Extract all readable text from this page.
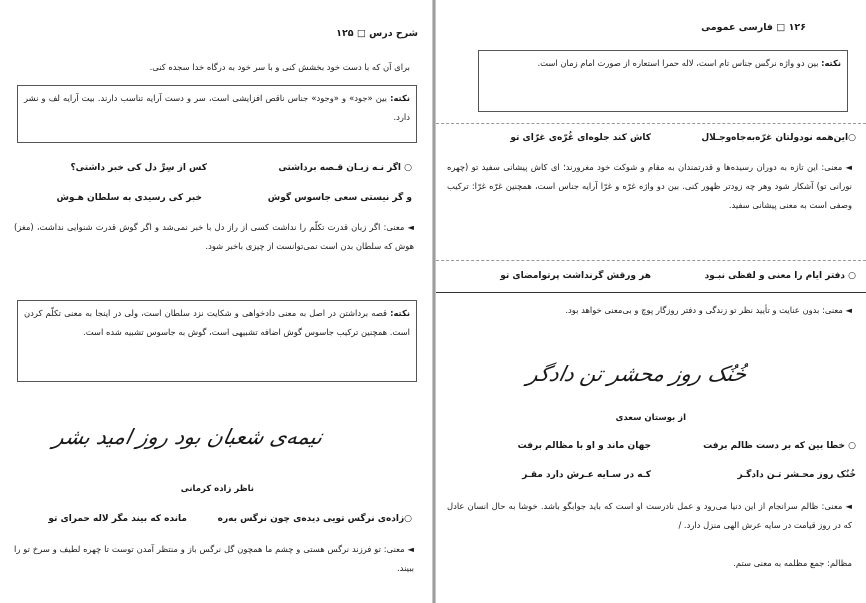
شرح درس □ ۱۲۵
برای آن که با دست خود بخشش کنی و با سر خود به درگاه خدا سجده کنی.
نکته: بین «جود» و «وجود» جناس ناقص افزایشی است، سر و دست آرایه تناسب دارند. بیت آرایه لف و نشر دارد.
○ اگر نـه زبـان قـصه برداشتی
کس از سِرِّ دل کی خبر داشتی؟
و گر نیستی سعی جاسوس گوش
خبر کی رسیدی به سلطان هـوش
◄ معنی: اگر زبان قدرت تکلّم را نداشت کسی از راز دل با خبر نمی‌شد و اگر گوش قدرت شنوایی نداشت، (مغز) هوش که سلطان بدن است نمی‌توانست از چیزی باخبر شود.
نکته: قصه برداشتن در اصل به معنی دادخواهی و شکایت نزد سلطان است، ولی در اینجا به معنی تکلّم کردن است. همچنین ترکیب جاسوس گوش اضافه تشبیهی است، گوش به جاسوس تشبیه شده است.
نیمه‌ی شعبان بود روز امید بشر
ناظر زاده کرمانی
○زاده‌ی نرگس تویی دیده‌ی چون نرگس به‌ره
مانده که بیند مگر لاله حمرای تو
◄ معنی: تو فرزند نرگس هستی و چشم ما همچون گل نرگس باز و منتظر آمدن توست تا چهره لطیف و سرخ تو را ببیند.
۱۲۶ □ فارسی عمومی
نکته: بین دو واژه نرگس جناس تام است، لاله حمرا استعاره از صورت امام زمان است.
○این‌همه نودولتان غرّه‌به‌جاه‌وجـلال
کاش کند جلوه‌ای غُرّه‌ی غرّای تو
◄ معنی: این تازه به دوران رسیده‌ها و قدرتمندان به مقام و شوکت خود مغرورند؛ ای کاش پیشانی سفید تو (چهره نورانی تو) آشکار شود وهر چه زودتر ظهور کنی. بین دو واژه غرّه و غرّا آرایه جناس است، همچنین غرّه غرّا: ترکیب وصفی است به معنی پیشانی سفید.
○ دفتر ایام را معنی و لفظی نبـود
هر ورقش گرنداشت پرتوامضای تو
◄ معنی: بدون عنایت و تأیید نظر تو زندگی و دفتر روزگار پوچ و بی‌معنی خواهد بود.
خُنُک روز محشر تن دادگر
از بوستان سعدی
○ خطا بین که بر دست ظالم برفت
جهان ماند و او با مظالم برفت
خُنُک روز محـشر تـن دادگـر
کـه در سـایه عـرش دارد مقـر
◄ معنی: ظالم سرانجام از این دنیا می‌رود و عمل نادرست او است که باید جوابگو باشد. خوشا به حال انسان عادل که در روز قیامت در سایه عرش الهی منزل دارد. /
مظالم: جمع مظلمه به معنی ستم.
